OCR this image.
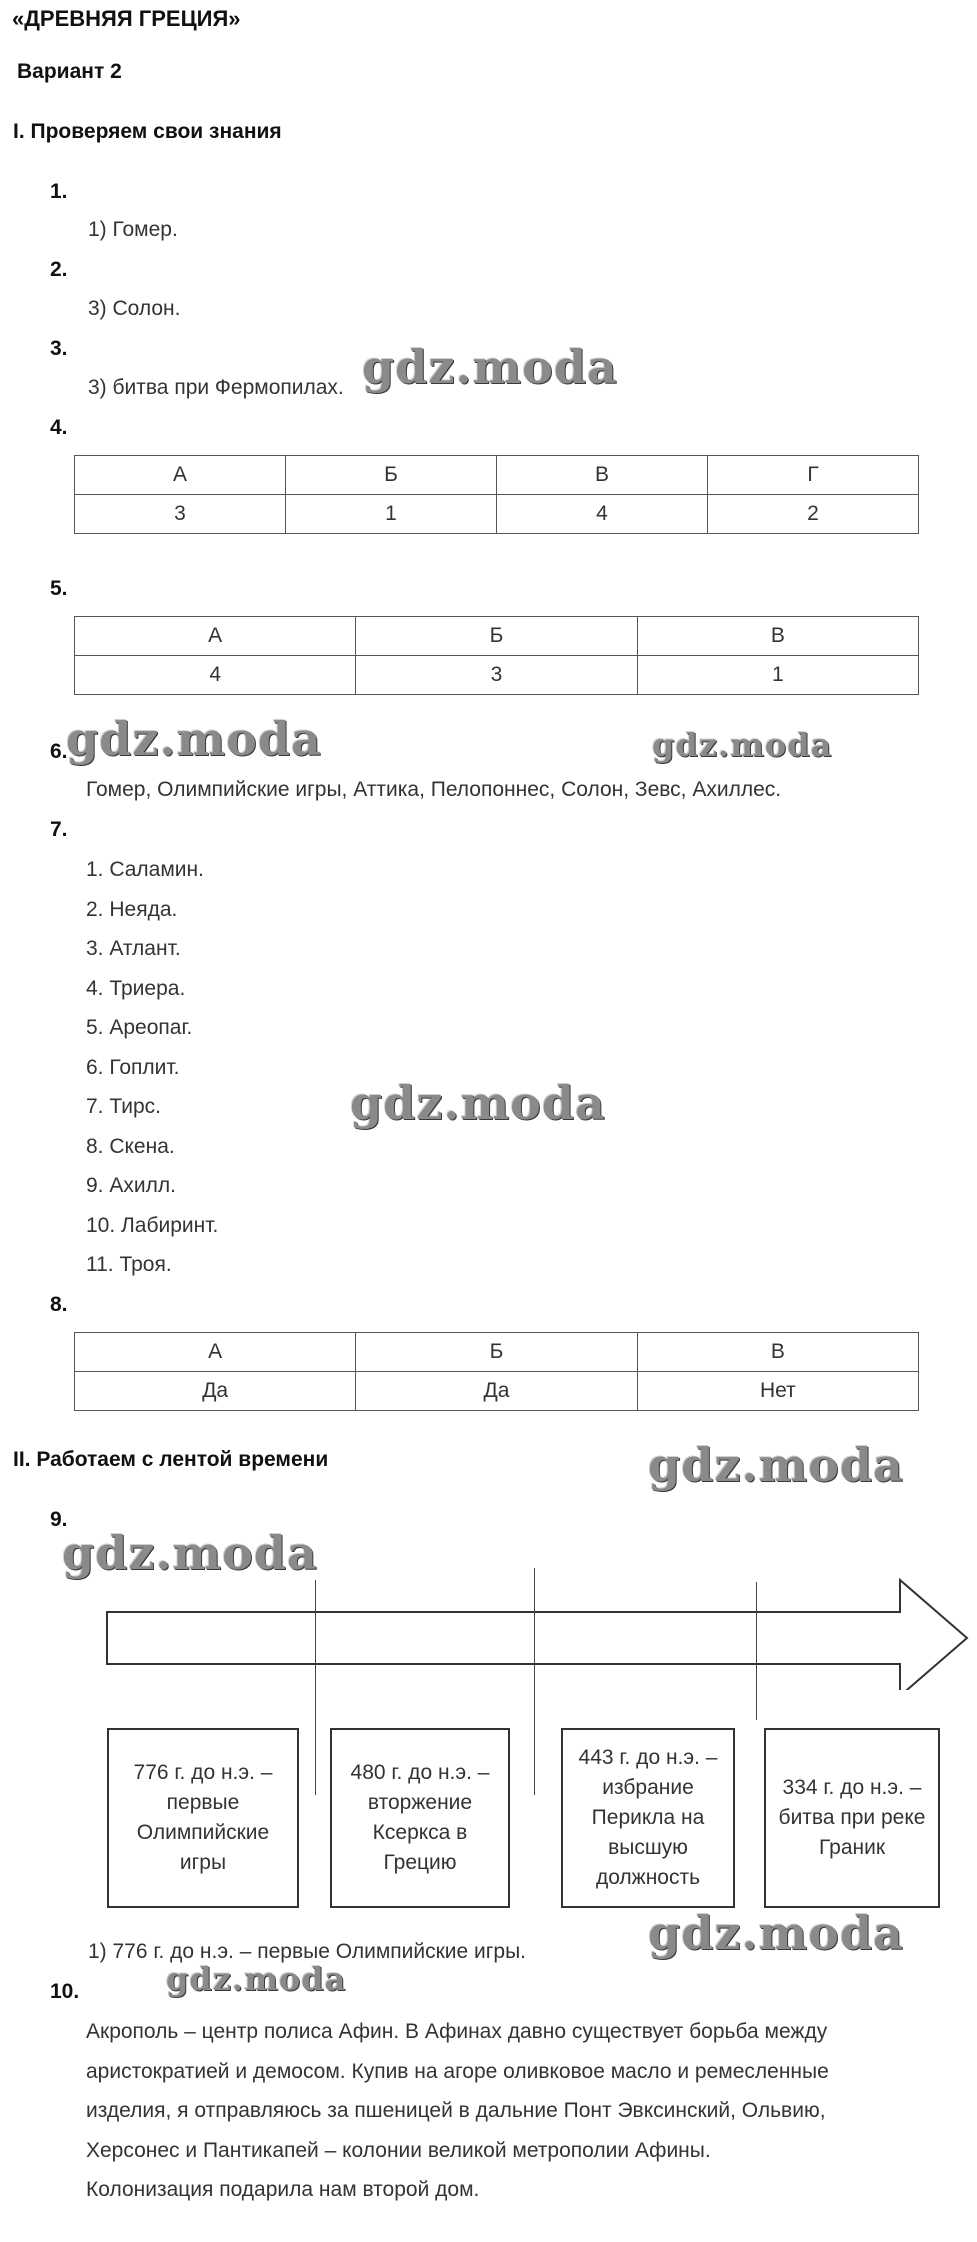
«ДРЕВНЯЯ ГРЕЦИЯ»
Вариант 2
I. Проверяем свои знания
1.
1) Гомер.
2.
3) Солон.
3.
3) битва при Фермопилах.
4.
А	Б	В	Г
3	1	4	2
5.
А	Б	В
4	3	1
6.
Гомер, Олимпийские игры, Аттика, Пелопоннес, Солон, Зевс, Ахиллес.
7.
1. Саламин.
2. Неяда.
3. Атлант.
4. Триера.
5. Ареопаг.
6. Гоплит.
7. Тирс.
8. Скена.
9. Ахилл.
10. Лабиринт.
11. Троя.
8.
А	Б	В
Да	Да	Нет
II. Работаем с лентой времени
9.
776 г. до н.э. – первые Олимпийские игры
480 г. до н.э. – вторжение Ксеркса в Грецию
443 г. до н.э. – избрание Перикла на высшую должность
334 г. до н.э. – битва при реке Граник
1) 776 г. до н.э. – первые Олимпийские игры.
10.
Акрополь – центр полиса Афин. В Афинах давно существует борьба между
аристократией и демосом. Купив на агоре оливковое масло и ремесленные
изделия, я отправляюсь за пшеницей в дальние Понт Эвксинский, Ольвию,
Херсонес и Пантикапей – колонии великой метрополии Афины.
Колонизация подарила нам второй дом.
gdz.moda
gdz.moda	gdz.moda
gdz.moda
gdz.moda
gdz.moda
gdz.moda
gdz.moda
